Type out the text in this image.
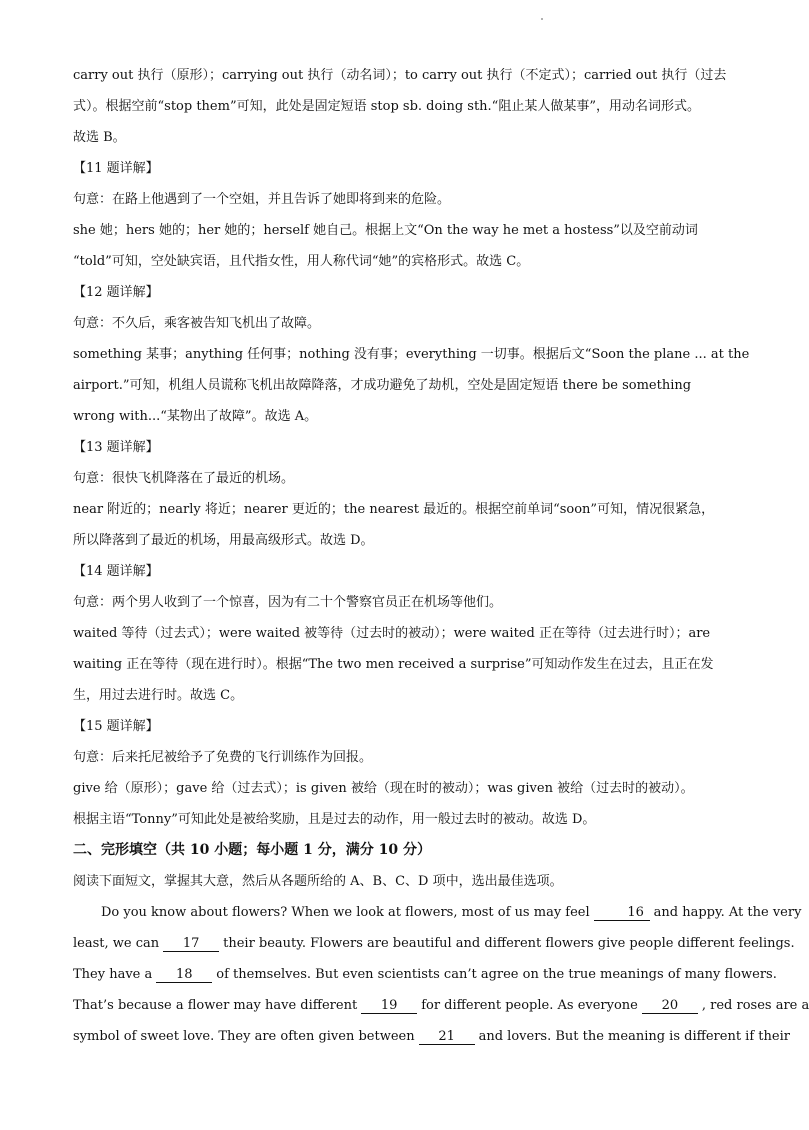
carry out 执行（原形）；carrying out 执行（动名词）；to carry out 执行（不定式）；carried out 执行（过去
式）。根据空前“stop them”可知，此处是固定短语 stop sb. doing sth.“阻止某人做某事”，用动名词形式。
故选 B。
【11 题详解】
句意：在路上他遇到了一个空姐，并且告诉了她即将到来的危险。
she 她；hers 她的；her 她的；herself 她自己。根据上文“On the way he met a hostess”以及空前动词
“told”可知，空处缺宾语，且代指女性，用人称代词“她”的宾格形式。故选 C。
【12 题详解】
句意：不久后，乘客被告知飞机出了故障。
something 某事；anything 任何事；nothing 没有事；everything 一切事。根据后文“Soon the plane ... at the
airport.”可知，机组人员谎称飞机出故障降落，才成功避免了劫机，空处是固定短语 there be something
wrong with...“某物出了故障”。故选 A。
【13 题详解】
句意：很快飞机降落在了最近的机场。
near 附近的；nearly 将近；nearer 更近的；the nearest 最近的。根据空前单词“soon”可知，情况很紧急，
所以降落到了最近的机场，用最高级形式。故选 D。
【14 题详解】
句意：两个男人收到了一个惊喜，因为有二十个警察官员正在机场等他们。
waited 等待（过去式）；were waited 被等待（过去时的被动）；were waited 正在等待（过去进行时）；are
waiting 正在等待（现在进行时）。根据“The two men received a surprise”可知动作发生在过去，且正在发
生，用过去进行时。故选 C。
【15 题详解】
句意：后来托尼被给予了免费的飞行训练作为回报。
give 给（原形）；gave 给（过去式）；is given 被给（现在时的被动）；was given 被给（过去时的被动）。
根据主语“Tonny”可知此处是被给奖励，且是过去的动作，用一般过去时的被动。故选 D。
二、完形填空（共 10 小题；每小题 1 分，满分 10 分）
阅读下面短文，掌握其大意，然后从各题所给的 A、B、C、D 项中，选出最佳选项。
Do you know about flowers? When we look at flowers, most of us may feel	16 and happy. At the very
least, we can 17 their beauty. Flowers are beautiful and different flowers give people different feelings.
They have a 18 of themselves. But even scientists can’t agree on the true meanings of many flowers.
That’s because a flower may have different 19 for different people. As everyone 20 , red roses are a
symbol of sweet love. They are often given between 21 and lovers. But the meaning is different if their
